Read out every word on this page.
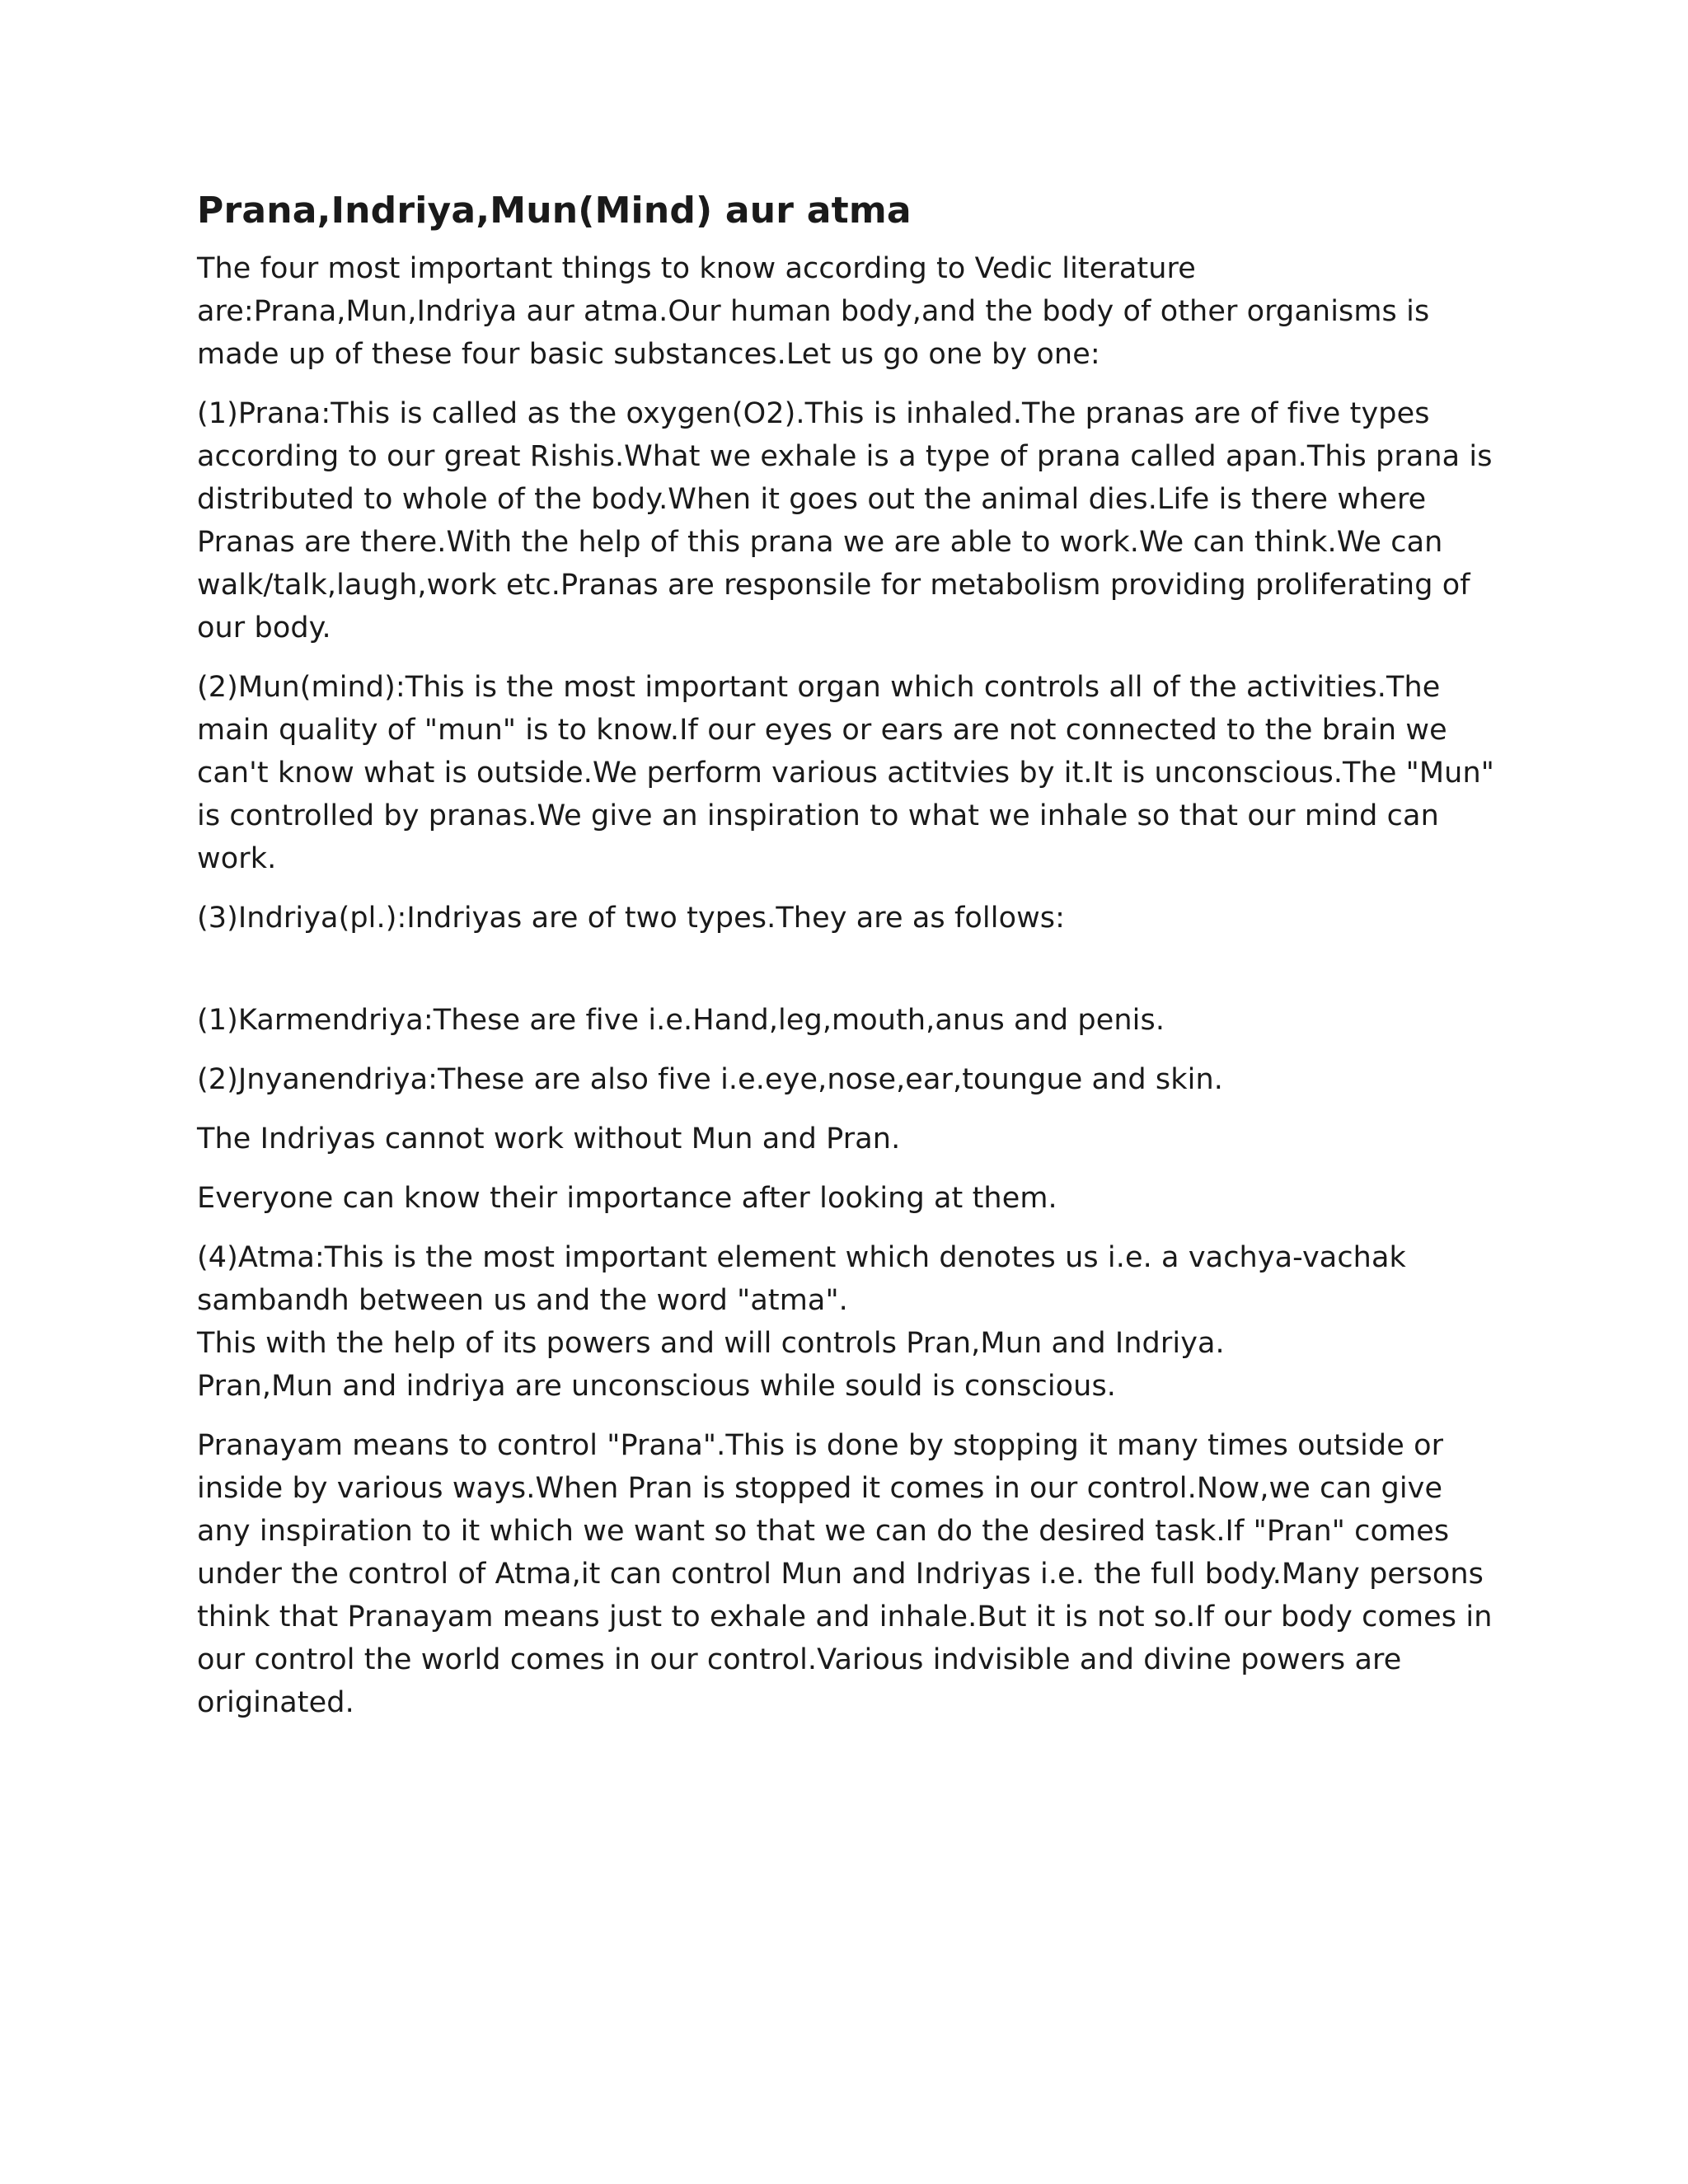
Prana,Indriya,Mun(Mind) aur atma

The four most important things to know according to Vedic literature are:Prana,Mun,Indriya aur atma.Our human body,and the body of other organisms is made up of these four basic substances.Let us go one by one:

(1)Prana:This is called as the oxygen(O2).This is inhaled.The pranas are of five types according to our great Rishis.What we exhale is a type of prana called apan.This prana is distributed to whole of the body.When it goes out the animal dies.Life is there where Pranas are there.With the help of this prana we are able to work.We can think.We can walk/talk,laugh,work etc.Pranas are responsile for metabolism providing proliferating of our body.

(2)Mun(mind):This is the most important organ which controls all of the activities.The main quality of "mun" is to know.If our eyes or ears are not connected to the brain we can't know what is outside.We perform various actitvies by it.It is unconscious.The "Mun" is controlled by pranas.We give an inspiration to what we inhale so that our mind can work.

(3)Indriya(pl.):Indriyas are of two types.They are as follows:

(1)Karmendriya:These are five i.e.Hand,leg,mouth,anus and penis.

(2)Jnyanendriya:These are also five i.e.eye,nose,ear,toungue and skin.

The Indriyas cannot work without Mun and Pran.

Everyone can know their importance after looking at them.

(4)Atma:This is the most important element which denotes us i.e. a vachya-vachak sambandh between us and the word "atma".
This with the help of its powers and will controls Pran,Mun and Indriya.
Pran,Mun and indriya are unconscious while sould is conscious.

Pranayam means to control "Prana".This is done by stopping it many times outside or inside by various ways.When Pran is stopped it comes in our control.Now,we can give any inspiration to it which we want so that we can do the desired task.If "Pran" comes under the control of Atma,it can control Mun and Indriyas i.e. the full body.Many persons think that Pranayam means just to exhale and inhale.But it is not so.If our body comes in our control the world comes in our control.Various indvisible and divine powers are originated.
